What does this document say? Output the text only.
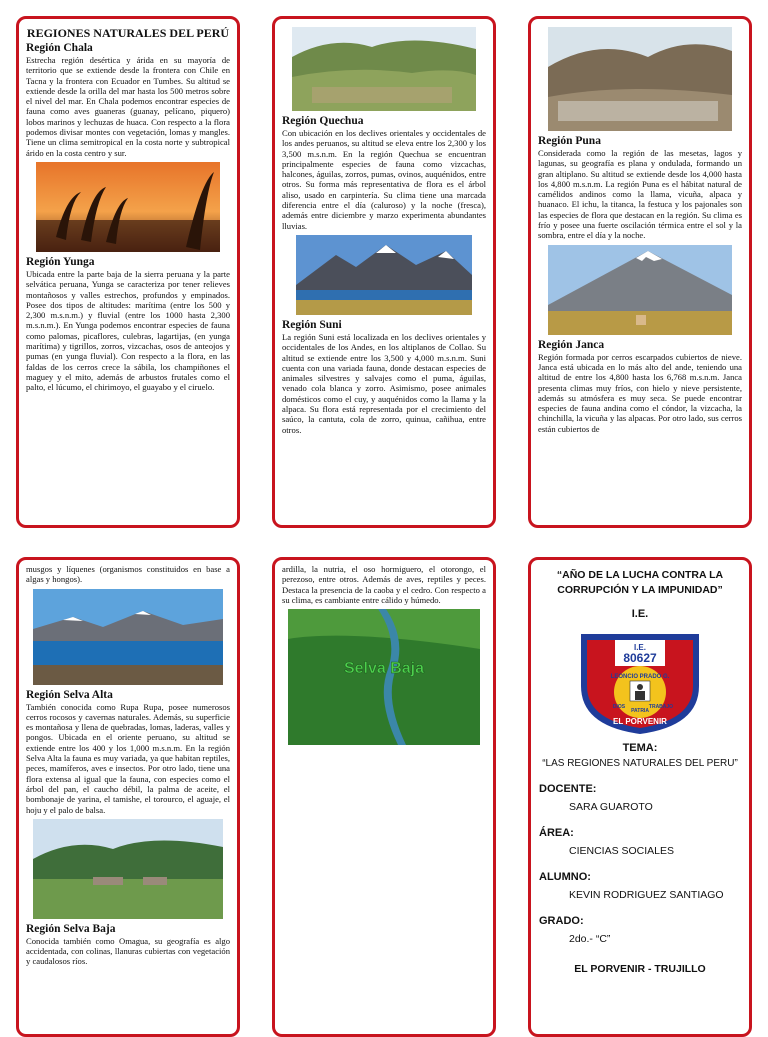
REGIONES NATURALES DEL PERÚ
Región Chala

Estrecha región desértica y árida en su mayoría de territorio que se extiende desde la frontera con Chile en Tacna y la frontera con Ecuador en Tumbes. Su altitud se extiende desde la orilla del mar hasta los 500 metros sobre el nivel del mar. En Chala podemos encontrar especies de fauna como aves guaneras (guanay, pelícano, piquero) lobos marinos y lechuzas de huaca. Con respecto a la flora podemos divisar montes con vegetación, lomas y mangles. Tiene un clima semitropical en la costa norte y subtropical árido en la costa centro y sur.

Región Yunga

Ubicada entre la parte baja de la sierra peruana y la parte selvática peruana, Yunga se caracteriza por tener relieves montañosos y valles estrechos, profundos y empinados. Posee dos tipos de altitudes: marítima (entre los 500 y 2,300 m.s.n.m.) y fluvial (entre los 1000 hasta 2,300 m.s.n.m.). En Yunga podemos encontrar especies de fauna como palomas, picaflores, culebras, lagartijas, (en yunga marítima) y tigrillos, zorros, vizcachas, osos de anteojos y pumas (en yunga fluvial). Con respecto a la flora, en las faldas de los cerros crece la sábila, los champiñones el maguey y el mito, además de arbustos frutales como el palto, el lúcumo, el chirimoyo, el guayabo y el ciruelo.

Región Quechua

Con ubicación en los declives orientales y occidentales de los andes peruanos, su altitud se eleva entre los 2,300 y los 3,500 m.s.n.m. En la región Quechua se encuentran principalmente especies de fauna como vizcachas, halcones, águilas, zorros, pumas, ovinos, auquénidos, entre otros. Su forma más representativa de flora es el árbol aliso, usado en carpintería. Su clima tiene una marcada diferencia entre el día (caluroso) y la noche (fresca), además entre diciembre y marzo experimenta abundantes lluvias.

Región Suni

La región Suni está localizada en los declives orientales y occidentales de los Andes, en los altiplanos de Collao. Su altitud se extiende entre los 3,500 y 4,000 m.s.n.m. Suni cuenta con una variada fauna, donde destacan especies de animales silvestres y salvajes como el puma, águilas, venado cola blanca y zorro. Asimismo, posee animales domésticos como el cuy, y auquénidos como la llama y la alpaca. Su flora está representada por el crecimiento del saúco, la cantuta, cola de zorro, quinua, cañihua, entre otros.

Región Puna

Considerada como la región de las mesetas, lagos y lagunas, su geografía es plana y ondulada, formando un gran altiplano. Su altitud se extiende desde los 4,000 hasta los 4,800 m.s.n.m. La región Puna es el hábitat natural de camélidos andinos como la llama, vicuña, alpaca y huanaco. El ichu, la titanca, la festuca y los pajonales son las especies de flora que destacan en la región. Su clima es frío y posee una fuerte oscilación térmica entre el sol y la sombra, entre el día y la noche.

Región Janca

Región formada por cerros escarpados cubiertos de nieve. Janca está ubicada en lo más alto del ande, teniendo una altitud de entre los 4,800 hasta los 6,768 m.s.n.m. Janca presenta climas muy fríos, con hielo y nieve persistente, además su atmósfera es muy seca. Se puede encontrar especies de fauna andina como el cóndor, la vizcacha, la chinchilla, la vicuña y las alpacas. Por otro lado, sus cerros están cubiertos de

musgos y líquenes (organismos constituidos en base a algas y hongos).

Región Selva Alta

También conocida como Rupa Rupa, posee numerosos cerros rocosos y cavernas naturales. Además, su superficie es montañosa y llena de quebradas, lomas, laderas, valles y pongos. Ubicada en el oriente peruano, su altitud se extiende entre los 400 y los 1,000 m.s.n.m. En la región Selva Alta la fauna es muy variada, ya que habitan reptiles, peces, mamíferos, aves e insectos. Por otro lado, tiene una flora extensa al igual que la fauna, con especies como el árbol del pan, el caucho débil, la palma de aceite, el bombonaje de yarina, el tamishe, el torourco, el aguaje, el hoju y el palo de balsa.

Región Selva Baja

Conocida también como Omagua, su geografía es algo accidentada, con colinas, llanuras cubiertas con vegetación y caudalosos ríos.

ardilla, la nutria, el oso hormiguero, el otorongo, el perezoso, entre otros. Además de aves, reptiles y peces. Destaca la presencia de la caoba y el cedro. Con respecto a su clima, es cambiante entre cálido y húmedo.

Selva Baja
“AÑO DE LA LUCHA CONTRA LA CORRUPCIÓN Y LA IMPUNIDAD”
I.E.
I.E.
80627
LEONCIO PRADO G.
DIOS
PATRIA
TRABAJO
EL PORVENIR
TEMA:
“LAS REGIONES NATURALES DEL PERU”
DOCENTE:
SARA GUAROTO
ÁREA:
CIENCIAS SOCIALES
ALUMNO:
KEVIN RODRIGUEZ SANTIAGO
GRADO:
2do.- “C”
EL PORVENIR - TRUJILLO
